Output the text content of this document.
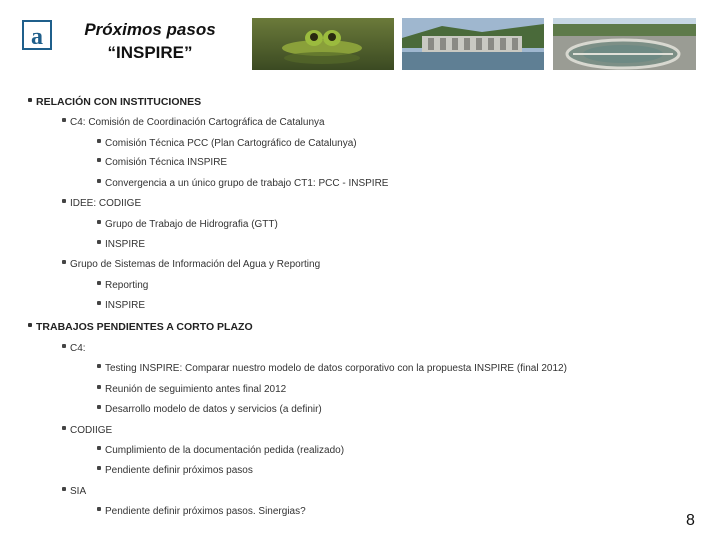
a	Próximos pasos
“INSPIRE”
RELACIÓN CON INSTITUCIONES
C4: Comisión de Coordinación Cartográfica de Catalunya
Comisión Técnica PCC (Plan Cartográfico de Catalunya)
Comisión Técnica INSPIRE
Convergencia a un único grupo de trabajo CT1: PCC - INSPIRE
IDEE: CODIIGE
Grupo de Trabajo de Hidrografia (GTT)
INSPIRE
Grupo de Sistemas de Información del Agua y Reporting
Reporting
INSPIRE
TRABAJOS PENDIENTES A CORTO PLAZO
C4:
Testing INSPIRE: Comparar nuestro modelo de datos corporativo con la propuesta INSPIRE (final 2012)
Reunión de seguimiento antes final 2012
Desarrollo modelo de datos y servicios (a definir)
CODIIGE
Cumplimiento de la documentación pedida (realizado)
Pendiente definir próximos pasos
SIA
Pendiente definir próximos pasos. Sinergias?
8
